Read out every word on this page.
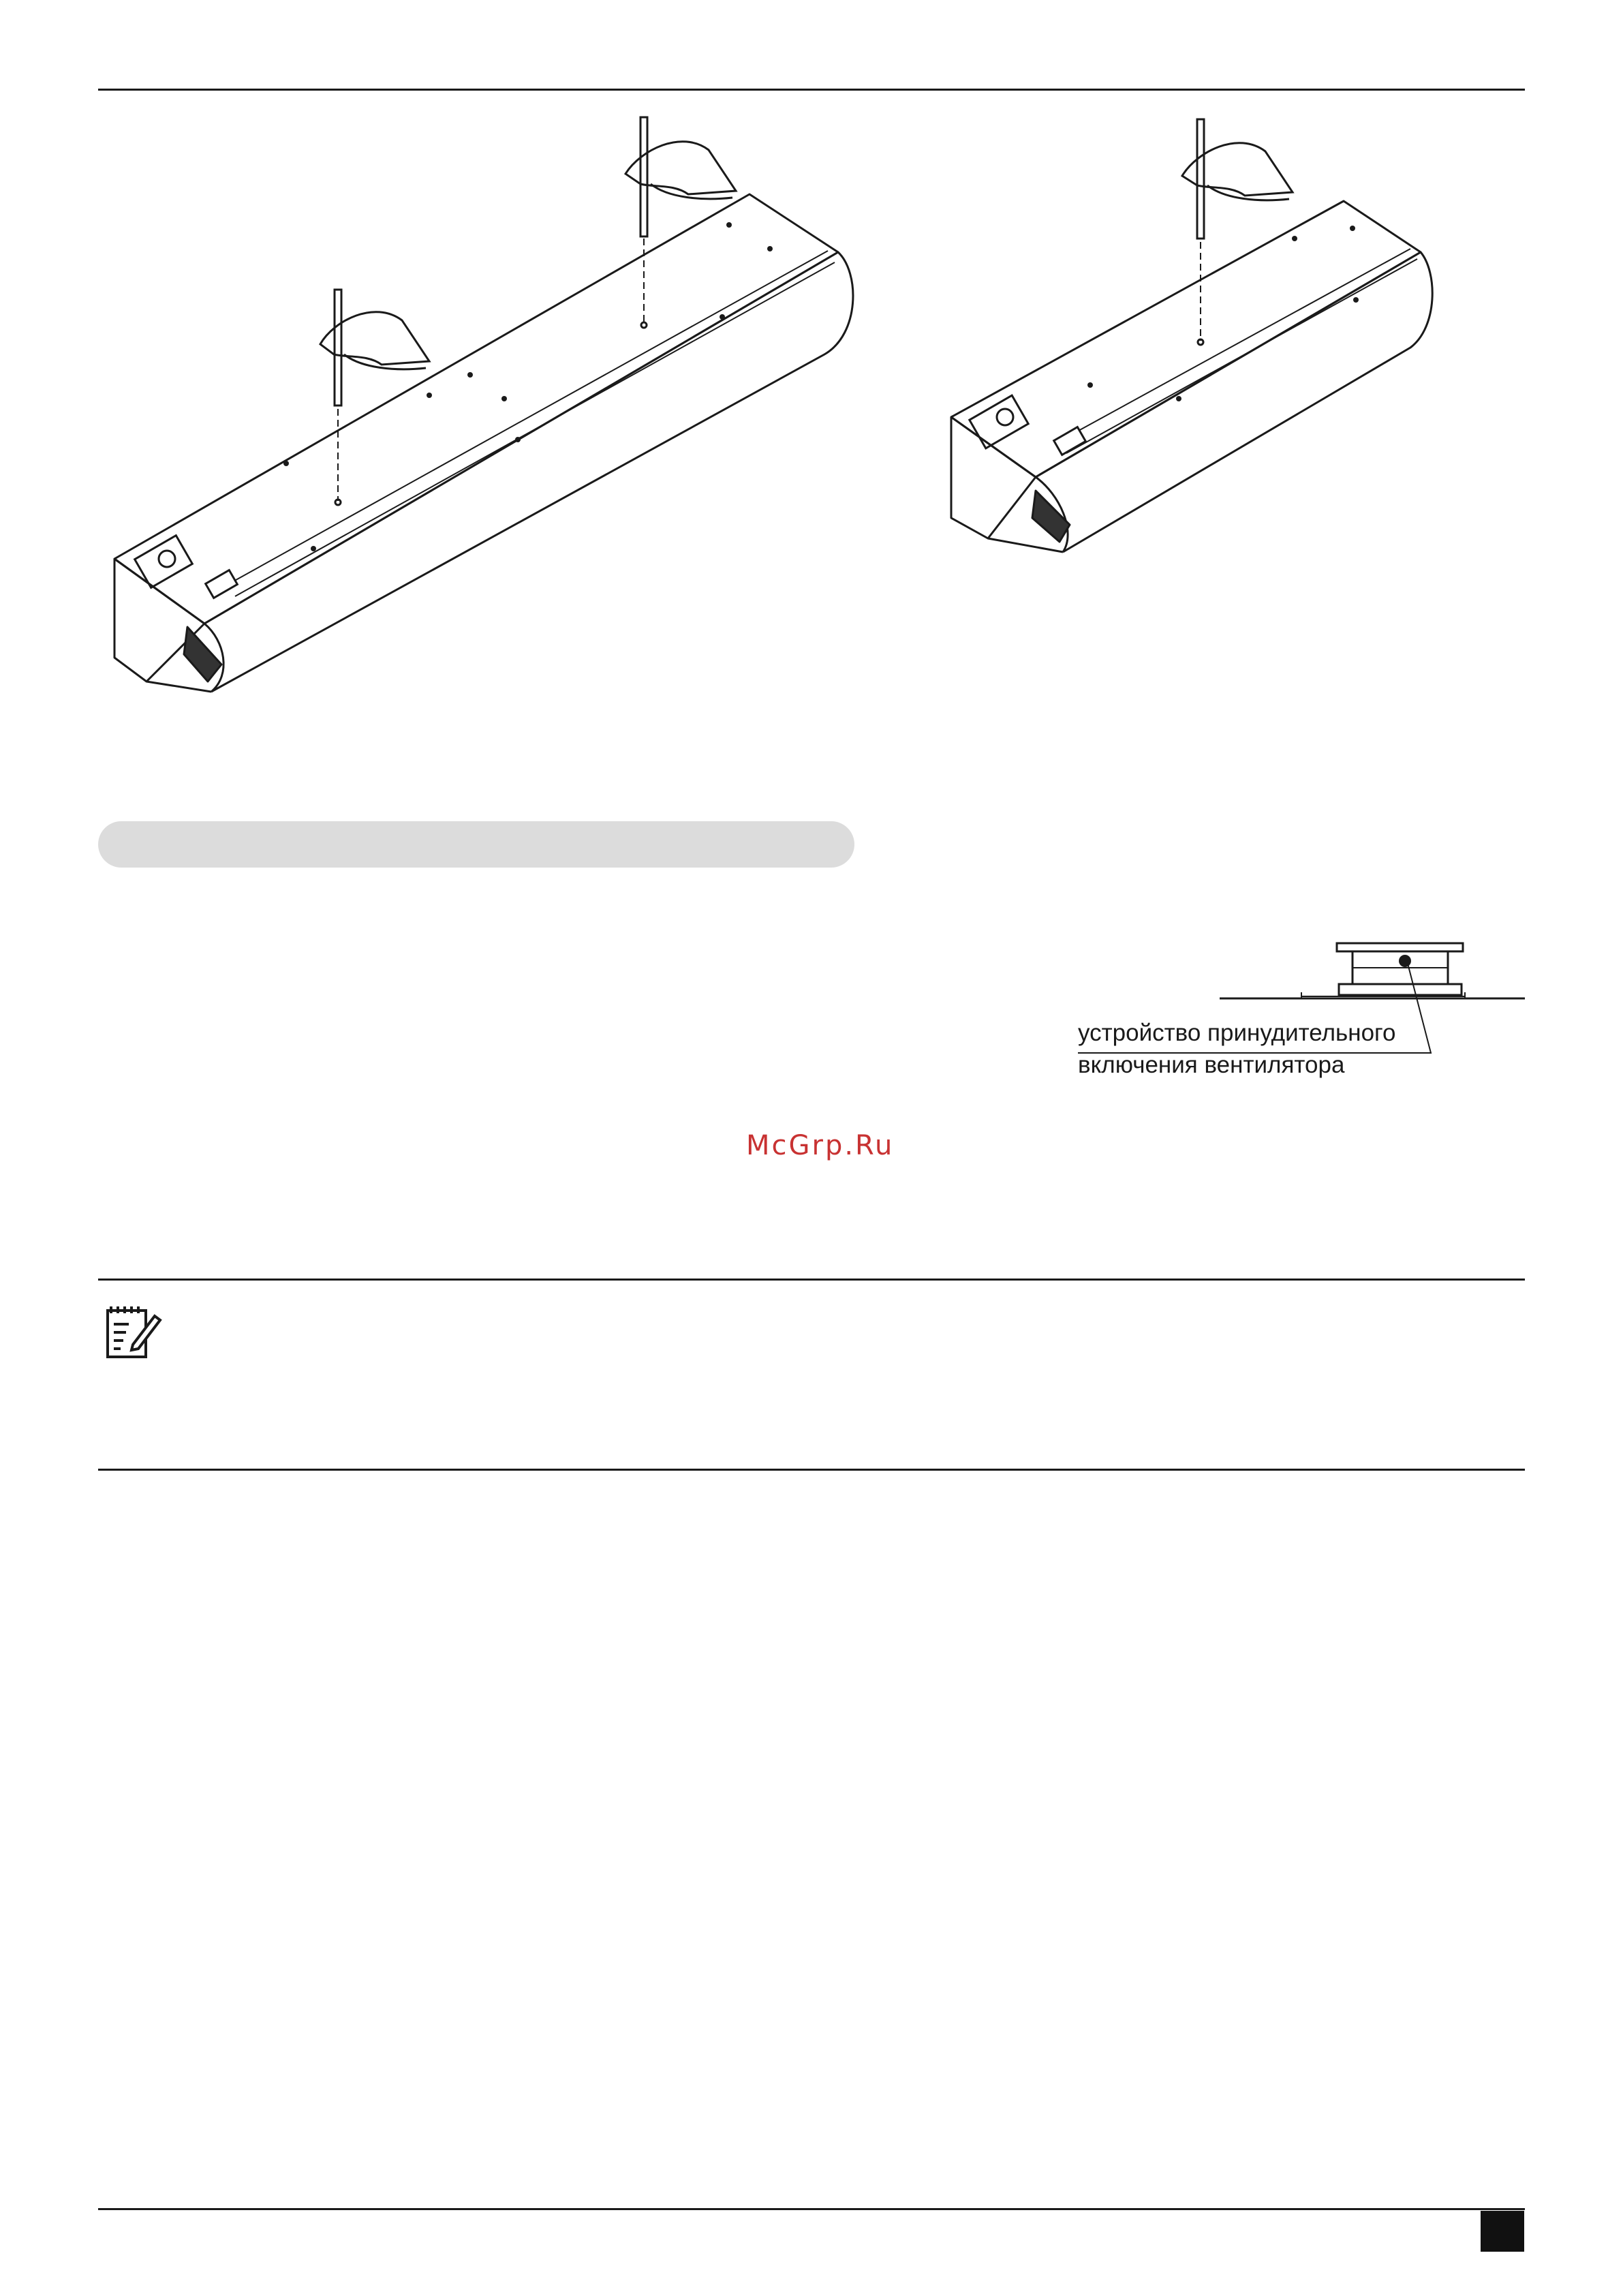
устройство принудительного
включения вентилятора
McGrp.Ru
